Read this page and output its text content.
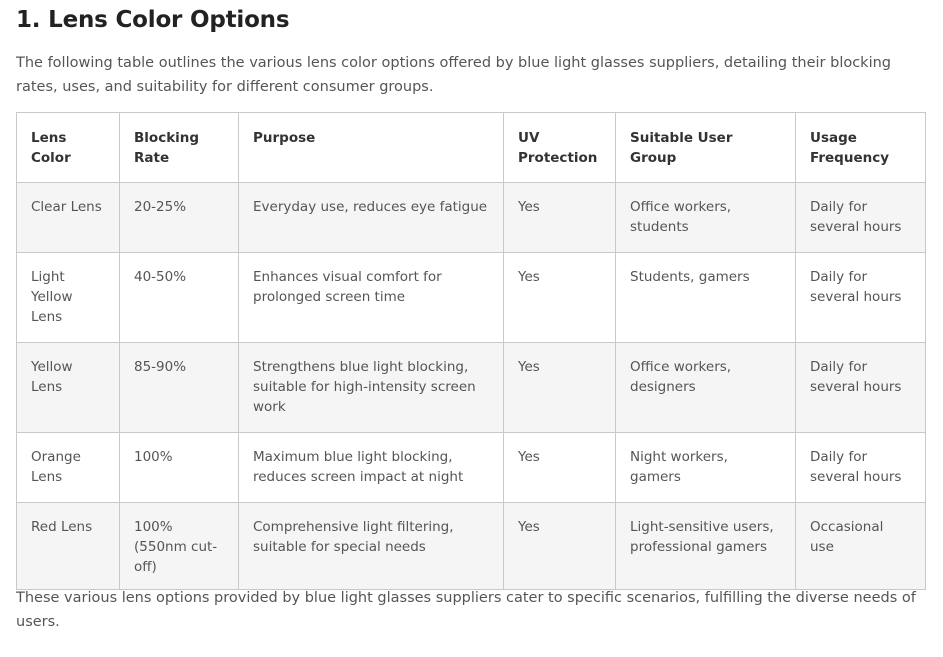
1. Lens Color Options

The following table outlines the various lens color options offered by blue light glasses suppliers, detailing their blocking rates, uses, and suitability for different consumer groups.

Lens Color	Blocking Rate	Purpose	UV Protection	Suitable User Group	Usage Frequency
Clear Lens	20-25%	Everyday use, reduces eye fatigue	Yes	Office workers, students	Daily for several hours
Light Yellow Lens	40-50%	Enhances visual comfort for prolonged screen time	Yes	Students, gamers	Daily for several hours
Yellow Lens	85-90%	Strengthens blue light blocking, suitable for high-intensity screen work	Yes	Office workers, designers	Daily for several hours
Orange Lens	100%	Maximum blue light blocking, reduces screen impact at night	Yes	Night workers, gamers	Daily for several hours
Red Lens	100% (550nm cut-off)	Comprehensive light filtering, suitable for special needs	Yes	Light-sensitive users, professional gamers	Occasional use

These various lens options provided by blue light glasses suppliers cater to specific scenarios, fulfilling the diverse needs of users.
